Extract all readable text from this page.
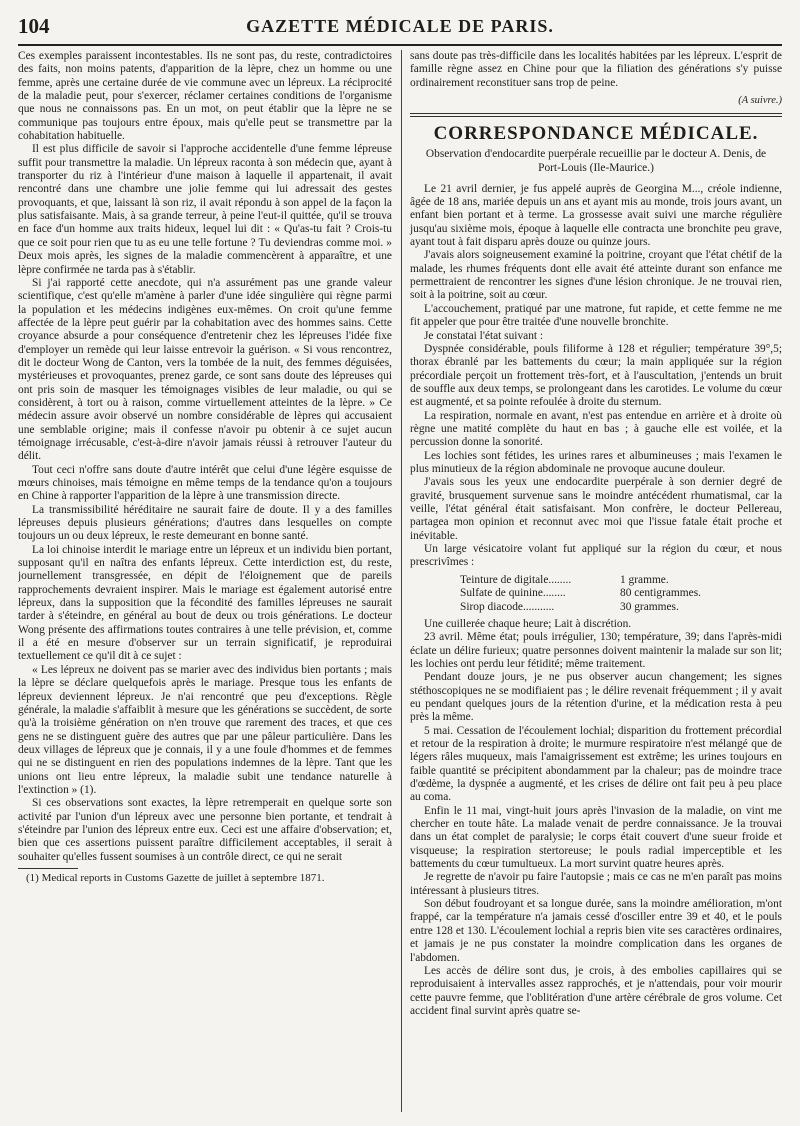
104	GAZETTE MÉDICALE DE PARIS.

Ces exemples paraissent incontestables. Ils ne sont pas, du reste, contradictoires des faits, non moins patents, d'apparition de la lèpre, chez un homme ou une femme, après une certaine durée de vie commune avec un lépreux. La réciprocité de la maladie peut, pour s'exercer, réclamer certaines conditions de l'organisme que nous ne connaissons pas. En un mot, on peut établir que la lèpre ne se communique pas toujours entre époux, mais qu'elle peut se transmettre par la cohabitation habituelle.

Il est plus difficile de savoir si l'approche accidentelle d'une femme lépreuse suffit pour transmettre la maladie. Un lépreux raconta à son médecin que, ayant à transporter du riz à l'intérieur d'une maison à laquelle il appartenait, il avait rencontré dans une chambre une jolie femme qui lui adressait des gestes provoquants, et que, laissant là son riz, il avait répondu à son appel de la façon la plus satisfaisante. Mais, à sa grande terreur, à peine l'eut-il quittée, qu'il se trouva en face d'un homme aux traits hideux, lequel lui dit : « Qu'as-tu fait ? Crois-tu que ce soit pour rien que tu as eu une telle fortune ? Tu deviendras comme moi. » Deux mois après, les signes de la maladie commencèrent à apparaître, et une lèpre confirmée ne tarda pas à s'établir.

Si j'ai rapporté cette anecdote, qui n'a assurément pas une grande valeur scientifique, c'est qu'elle m'amène à parler d'une idée singulière qui règne parmi la population et les médecins indigènes eux-mêmes. On croit qu'une femme affectée de la lèpre peut guérir par la cohabitation avec des hommes sains. Cette croyance absurde a pour conséquence d'entretenir chez les lépreuses l'idée fixe d'employer un remède qui leur laisse entrevoir la guérison. « Si vous rencontrez, dit le docteur Wong de Canton, vers la tombée de la nuit, des femmes déguisées, mystérieuses et provoquantes, prenez garde, ce sont sans doute des lépreuses qui ont pris soin de masquer les témoignages visibles de leur maladie, ou qui se considèrent, à tort ou à raison, comme virtuellement atteintes de la lèpre. » Ce médecin assure avoir observé un nombre considérable de lèpres qui accusaient une semblable origine; mais il confesse n'avoir pu obtenir à ce sujet aucun témoignage irrécusable, c'est-à-dire n'avoir jamais réussi à retrouver l'auteur du délit.

Tout ceci n'offre sans doute d'autre intérêt que celui d'une légère esquisse de mœurs chinoises, mais témoigne en même temps de la tendance qu'on a toujours en Chine à rapporter l'apparition de la lèpre à une transmission directe.

La transmissibilité héréditaire ne saurait faire de doute. Il y a des familles lépreuses depuis plusieurs générations; d'autres dans lesquelles on compte toujours un ou deux lépreux, le reste demeurant en bonne santé.

La loi chinoise interdit le mariage entre un lépreux et un individu bien portant, supposant qu'il en naîtra des enfants lépreux. Cette interdiction est, du reste, journellement transgressée, en dépit de l'éloignement que de pareils rapprochements devraient inspirer. Mais le mariage est également autorisé entre lépreux, dans la supposition que la fécondité des familles lépreuses ne saurait tarder à s'éteindre, en général au bout de deux ou trois générations. Le docteur Wong présente des affirmations toutes contraires à une telle prévision, et, comme il a été en mesure d'observer sur un terrain significatif, je reproduirai textuellement ce qu'il dit à ce sujet :

« Les lépreux ne doivent pas se marier avec des individus bien portants ; mais la lèpre se déclare quelquefois après le mariage. Presque tous les enfants de lépreux deviennent lépreux. Je n'ai rencontré que peu d'exceptions. Règle générale, la maladie s'affaiblit à mesure que les générations se succèdent, de sorte qu'à la troisième génération on n'en trouve que rarement des traces, et que ces gens ne se distinguent guère des autres que par une pâleur particulière. Dans les deux villages de lépreux que je connais, il y a une foule d'hommes et de femmes qui ne se distinguent en rien des populations indemnes de la lèpre. Tant que les unions ont lieu entre lépreux, la maladie subit une tendance naturelle à l'extinction » (1).

Si ces observations sont exactes, la lèpre retremperait en quelque sorte son activité par l'union d'un lépreux avec une personne bien portante, et tendrait à s'éteindre par l'union des lépreux entre eux. Ceci est une affaire d'observation; et, bien que ces assertions puissent paraître difficilement acceptables, il serait à souhaiter qu'elles fussent soumises à un contrôle direct, ce qui ne serait

(1) Medical reports in Customs Gazette de juillet à septembre 1871.

sans doute pas très-difficile dans les localités habitées par les lépreux. L'esprit de famille règne assez en Chine pour que la filiation des générations s'y puisse ordinairement reconstituer sans trop de peine.

(A suivre.)

CORRESPONDANCE MÉDICALE.

Observation d'endocardite puerpérale recueillie par le docteur A. Denis, de Port-Louis (Ile-Maurice.)

Le 21 avril dernier, je fus appelé auprès de Georgina M..., créole indienne, âgée de 18 ans, mariée depuis un ans et ayant mis au monde, trois jours avant, un enfant bien portant et à terme. La grossesse avait suivi une marche régulière jusqu'au sixième mois, époque à laquelle elle contracta une bronchite peu grave, ayant tout à fait disparu après douze ou quinze jours.

J'avais alors soigneusement examiné la poitrine, croyant que l'état chétif de la malade, les rhumes fréquents dont elle avait été atteinte durant son enfance me permettraient de rencontrer les signes d'une lésion chronique. Je ne trouvai rien, soit à la poitrine, soit au cœur.

L'accouchement, pratiqué par une matrone, fut rapide, et cette femme ne me fit appeler que pour être traitée d'une nouvelle bronchite.

Je constatai l'état suivant :

Dyspnée considérable, pouls filiforme à 128 et régulier; température 39°,5; thorax ébranlé par les battements du cœur; la main appliquée sur la région précordiale perçoit un frottement très-fort, et à l'auscultation, j'entends un bruit de souffle aux deux temps, se prolongeant dans les carotides. Le volume du cœur est augmenté, et sa pointe refoulée à droite du sternum.

La respiration, normale en avant, n'est pas entendue en arrière et à droite où règne une matité complète du haut en bas ; à gauche elle est voilée, et la percussion donne la sonorité.

Les lochies sont fétides, les urines rares et albumineuses ; mais l'examen le plus minutieux de la région abdominale ne provoque aucune douleur.

J'avais sous les yeux une endocardite puerpérale à son dernier degré de gravité, brusquement survenue sans le moindre antécédent rhumatismal, car la veille, l'état général était satisfaisant. Mon confrère, le docteur Pellereau, partagea mon opinion et reconnut avec moi que l'issue fatale était proche et inévitable.

Un large vésicatoire volant fut appliqué sur la région du cœur, et nous prescrivîmes :

Teinture de digitale........	1 gramme.
Sulfate de quinine........	80 centigrammes.
Sirop diacode...........	30 grammes.

Une cuillerée chaque heure; Lait à discrétion.

23 avril. Même état; pouls irrégulier, 130; température, 39; dans l'après-midi éclate un délire furieux; quatre personnes doivent maintenir la malade sur son lit; les lochies ont perdu leur fétidité; même traitement.

Pendant douze jours, je ne pus observer aucun changement; les signes stéthoscopiques ne se modifiaient pas ; le délire revenait fréquemment ; il y avait eu pendant quelques jours de la rétention d'urine, et la médication resta à peu près la même.

5 mai. Cessation de l'écoulement lochial; disparition du frottement précordial et retour de la respiration à droite; le murmure respiratoire n'est mélangé que de légers râles muqueux, mais l'amaigrissement est extrême; les urines toujours en faible quantité se précipitent abondamment par la chaleur; pas de moindre trace d'œdème, la dyspnée a augmenté, et les crises de délire ont fait peu à peu place au coma.

Enfin le 11 mai, vingt-huit jours après l'invasion de la maladie, on vint me chercher en toute hâte. La malade venait de perdre connaissance. Je la trouvai dans un état complet de paralysie; le corps était couvert d'une sueur froide et visqueuse; la respiration stertoreuse; le pouls radial imperceptible et les battements du cœur tumultueux. La mort survint quatre heures après.

Je regrette de n'avoir pu faire l'autopsie ; mais ce cas ne m'en paraît pas moins intéressant à plusieurs titres.

Son début foudroyant et sa longue durée, sans la moindre amélioration, m'ont frappé, car la température n'a jamais cessé d'osciller entre 39 et 40, et le pouls entre 128 et 130. L'écoulement lochial a repris bien vite ses caractères ordinaires, et jamais je ne pus constater la moindre complication dans les organes de l'abdomen.

Les accès de délire sont dus, je crois, à des embolies capillaires qui se reproduisaient à intervalles assez rapprochés, et je n'attendais, pour voir mourir cette pauvre femme, que l'oblitération d'une artère cérébrale de gros volume. Cet accident final survint après quatre se-
